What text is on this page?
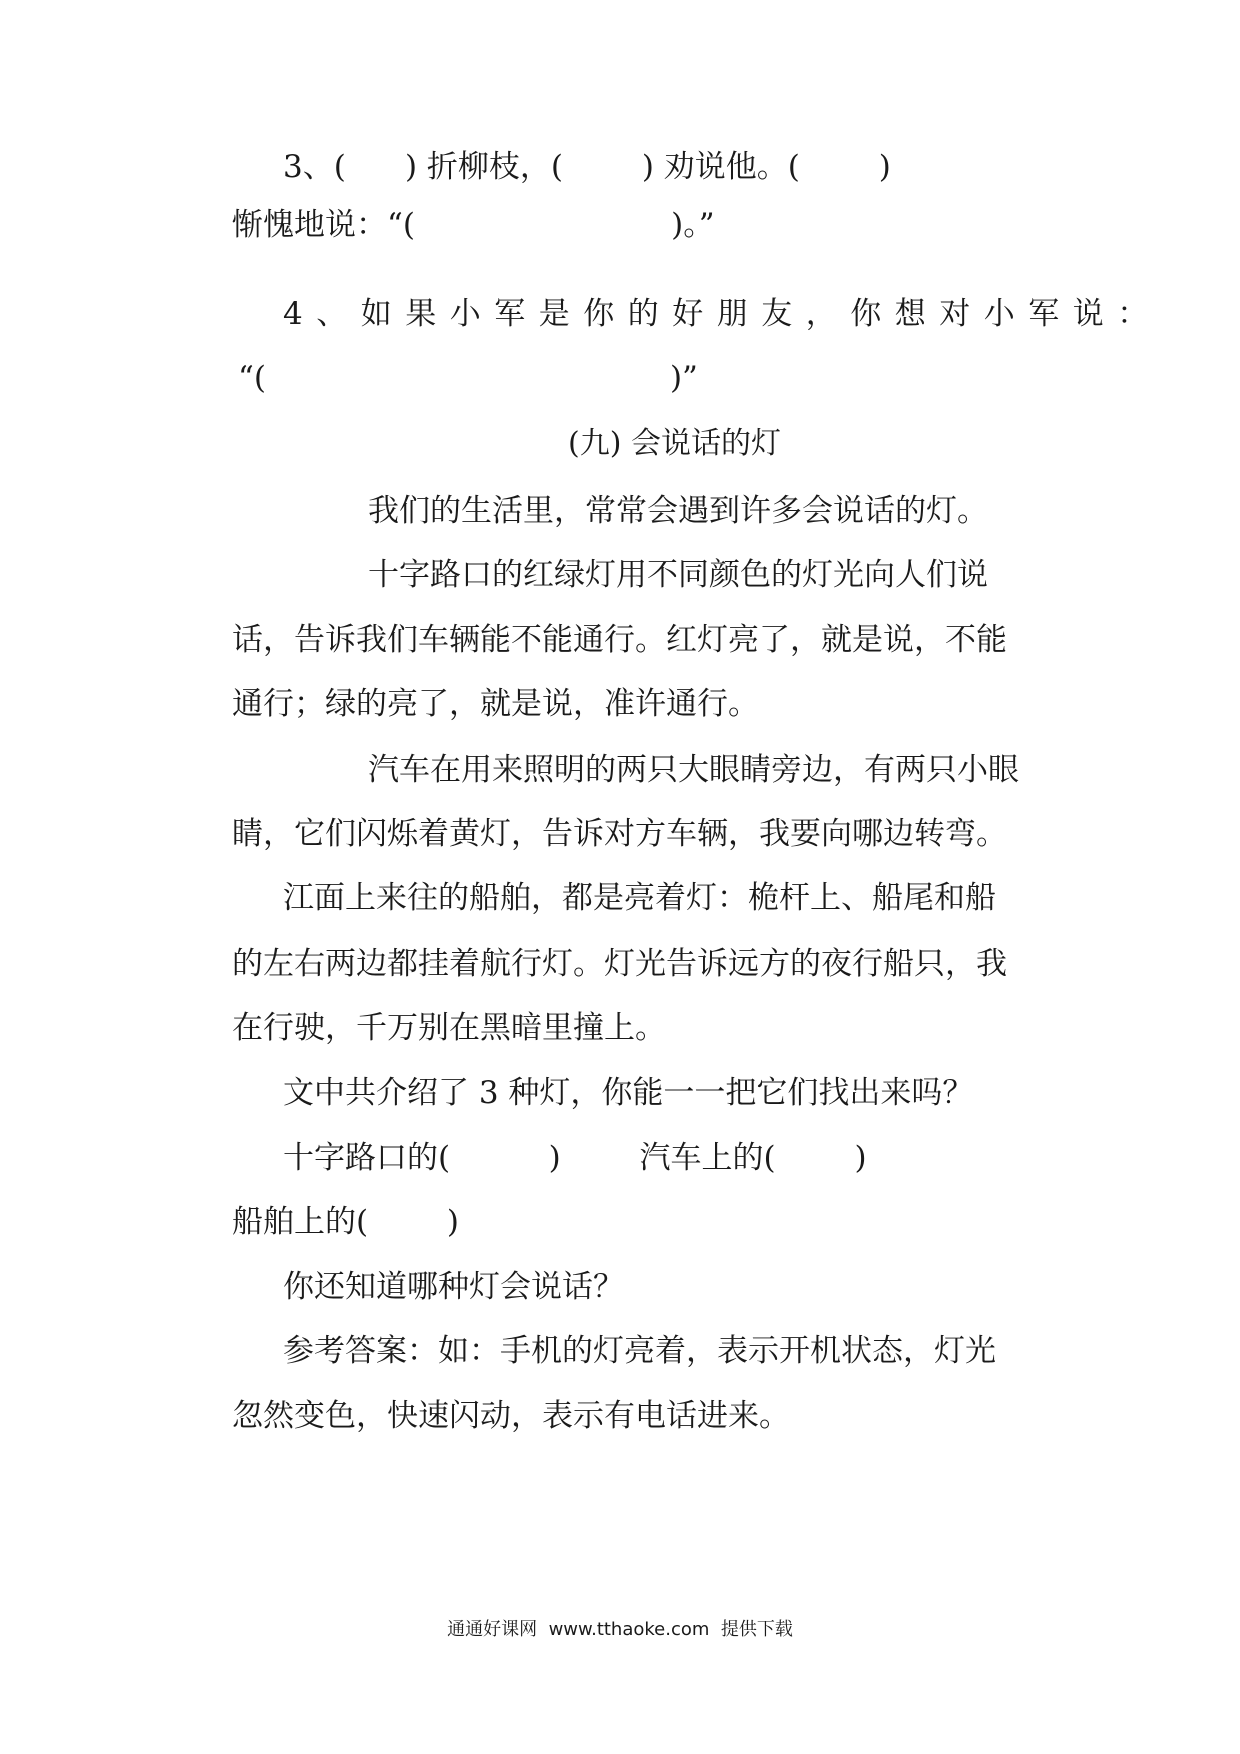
3、(      ) 折柳枝，(        ) 劝说他。(        )

惭愧地说：“(                          )。”

4、如果小军是你的好朋友，你想对小军说：

“(                                         )”

(九) 会说话的灯

我们的生活里，常常会遇到许多会说话的灯。

十字路口的红绿灯用不同颜色的灯光向人们说

话，告诉我们车辆能不能通行。红灯亮了，就是说，不能

通行；绿的亮了，就是说，准许通行。

汽车在用来照明的两只大眼睛旁边，有两只小眼

睛，它们闪烁着黄灯，告诉对方车辆，我要向哪边转弯。

江面上来往的船舶，都是亮着灯：桅杆上、船尾和船

的左右两边都挂着航行灯。灯光告诉远方的夜行船只，我

在行驶，千万别在黑暗里撞上。

文中共介绍了 3 种灯，你能一一把它们找出来吗？

十字路口的(          )        汽车上的(        )

船舶上的(        )

你还知道哪种灯会说话？

参考答案：如：手机的灯亮着，表示开机状态，灯光

忽然变色，快速闪动，表示有电话进来。

通通好课网  www.tthaoke.com  提供下载
